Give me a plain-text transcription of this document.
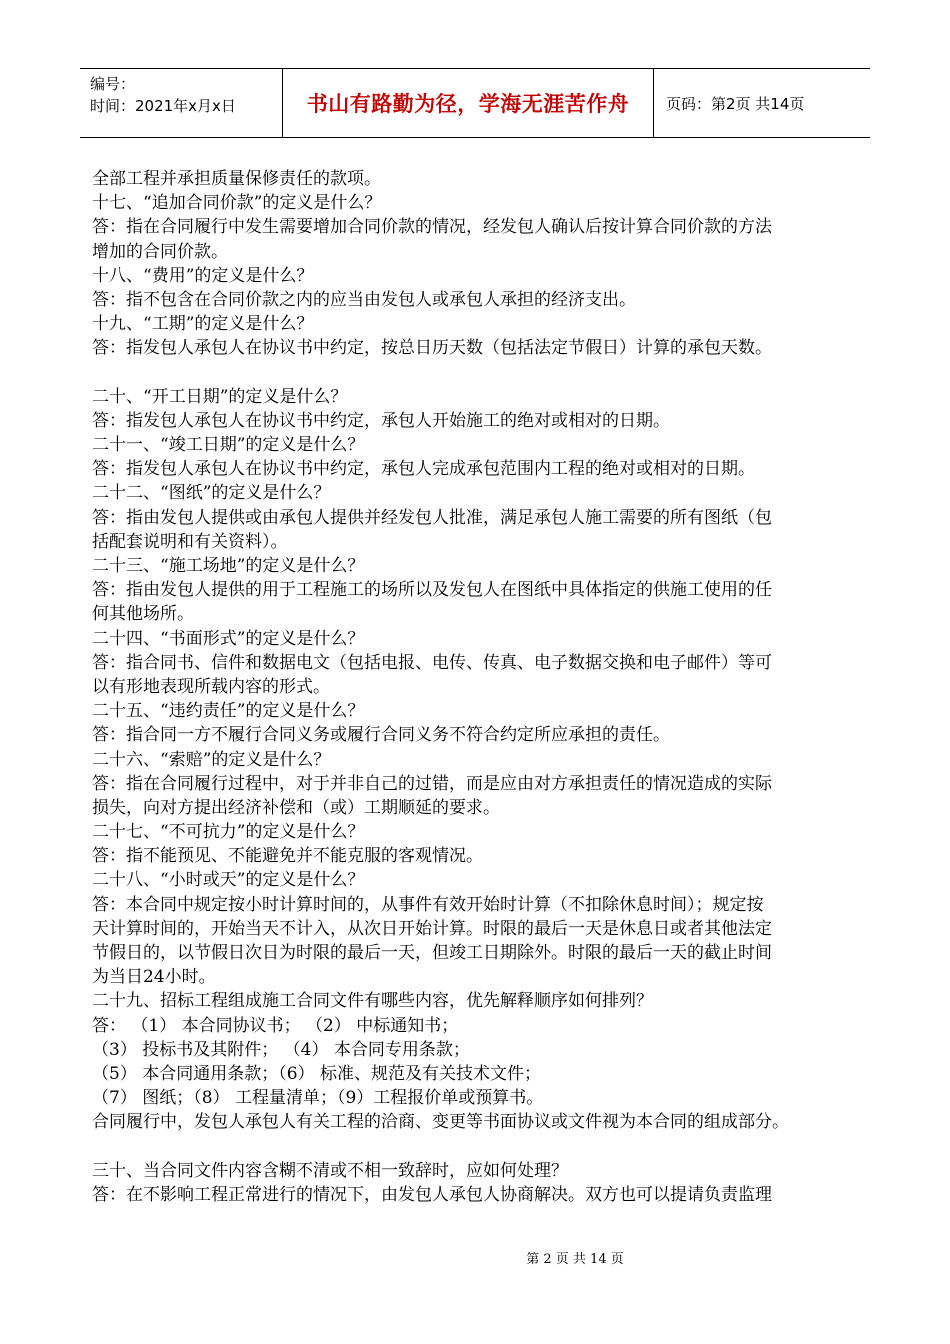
编号：
时间：2021年x月x日	书山有路勤为径，学海无涯苦作舟	页码：第2页 共14页
全部工程并承担质量保修责任的款项。
十七、“追加合同价款”的定义是什么？
答：指在合同履行中发生需要增加合同价款的情况，经发包人确认后按计算合同价款的方法
增加的合同价款。
十八、“费用”的定义是什么？
答：指不包含在合同价款之内的应当由发包人或承包人承担的经济支出。
十九、“工期”的定义是什么？
答：指发包人承包人在协议书中约定，按总日历天数（包括法定节假日）计算的承包天数。
二十、“开工日期”的定义是什么？
答：指发包人承包人在协议书中约定，承包人开始施工的绝对或相对的日期。
二十一、“竣工日期”的定义是什么？
答：指发包人承包人在协议书中约定，承包人完成承包范围内工程的绝对或相对的日期。
二十二、“图纸”的定义是什么？
答：指由发包人提供或由承包人提供并经发包人批准，满足承包人施工需要的所有图纸（包
括配套说明和有关资料）。
二十三、“施工场地”的定义是什么？
答：指由发包人提供的用于工程施工的场所以及发包人在图纸中具体指定的供施工使用的任
何其他场所。
二十四、“书面形式”的定义是什么？
答：指合同书、信件和数据电文（包括电报、电传、传真、电子数据交换和电子邮件）等可
以有形地表现所载内容的形式。
二十五、“违约责任”的定义是什么？
答：指合同一方不履行合同义务或履行合同义务不符合约定所应承担的责任。
二十六、“索赔”的定义是什么？
答：指在合同履行过程中，对于并非自己的过错，而是应由对方承担责任的情况造成的实际
损失，向对方提出经济补偿和（或）工期顺延的要求。
二十七、“不可抗力”的定义是什么？
答：指不能预见、不能避免并不能克服的客观情况。
二十八、“小时或天”的定义是什么？
答：本合同中规定按小时计算时间的，从事件有效开始时计算（不扣除休息时间）；规定按
天计算时间的，开始当天不计入，从次日开始计算。时限的最后一天是休息日或者其他法定
节假日的，以节假日次日为时限的最后一天，但竣工日期除外。时限的最后一天的截止时间
为当日24小时。
二十九、招标工程组成施工合同文件有哪些内容，优先解释顺序如何排列？
答： （1） 本合同协议书； （2） 中标通知书；
（3） 投标书及其附件； （4） 本合同专用条款；
（5） 本合同通用条款；（6） 标准、规范及有关技术文件；
（7） 图纸；（8） 工程量清单；（9）工程报价单或预算书。
合同履行中，发包人承包人有关工程的洽商、变更等书面协议或文件视为本合同的组成部分。
三十、当合同文件内容含糊不清或不相一致辞时，应如何处理？
答：在不影响工程正常进行的情况下，由发包人承包人协商解决。双方也可以提请负责监理
第 2 页 共 14 页
